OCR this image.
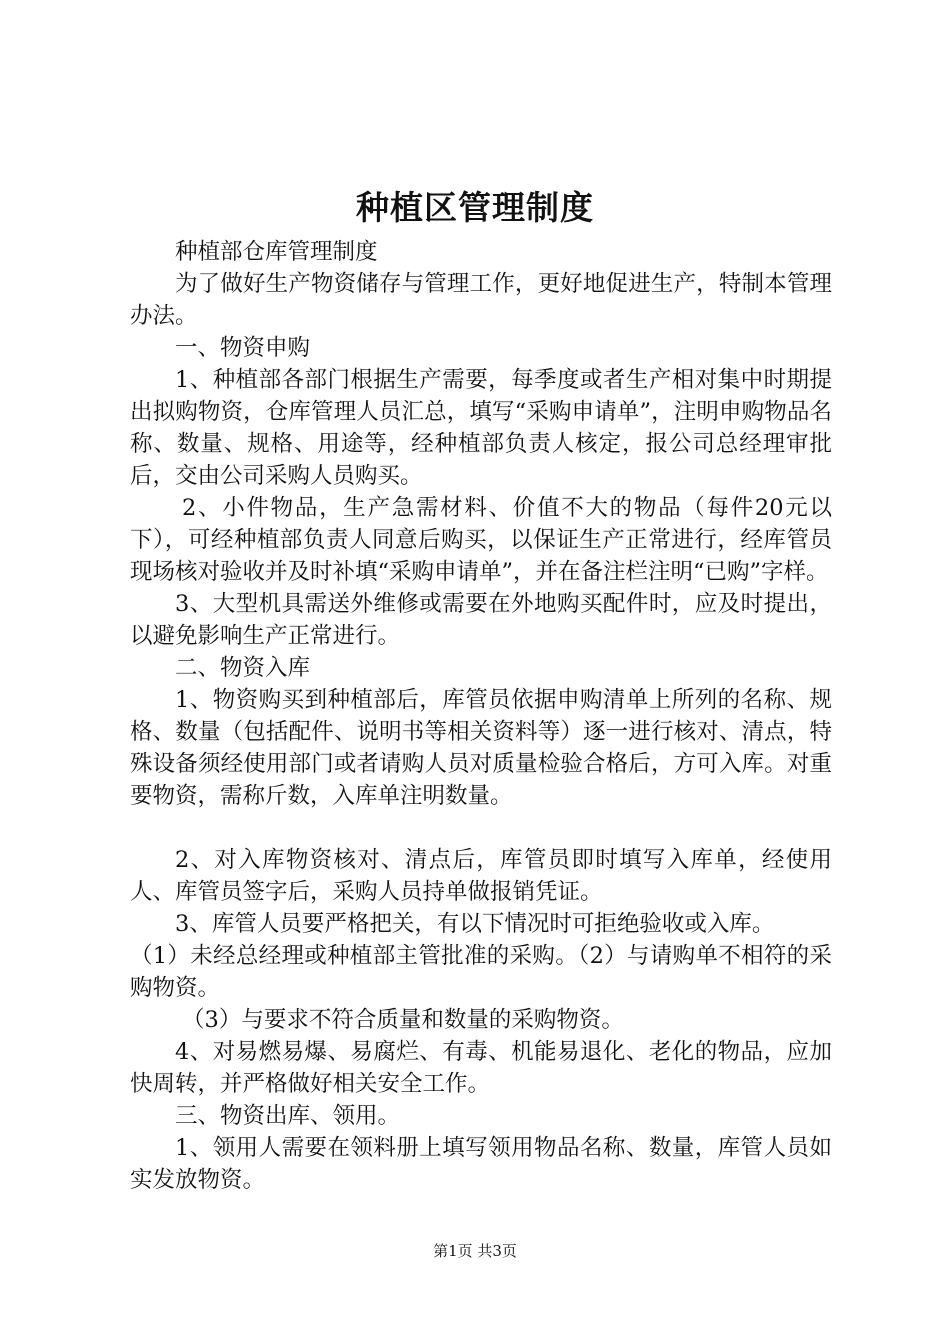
种植区管理制度

种植部仓库管理制度

为了做好生产物资储存与管理工作，更好地促进生产，特制本管理办法。

一、物资申购

1、种植部各部门根据生产需要，每季度或者生产相对集中时期提出拟购物资，仓库管理人员汇总，填写“采购申请单”，注明申购物品名称、数量、规格、用途等，经种植部负责人核定，报公司总经理审批后，交由公司采购人员购买。

2、小件物品，生产急需材料、价值不大的物品（每件20元以下），可经种植部负责人同意后购买，以保证生产正常进行，经库管员现场核对验收并及时补填“采购申请单”，并在备注栏注明“已购”字样。

3、大型机具需送外维修或需要在外地购买配件时，应及时提出，以避免影响生产正常进行。

二、物资入库

1、物资购买到种植部后，库管员依据申购清单上所列的名称、规格、数量（包括配件、说明书等相关资料等）逐一进行核对、清点，特殊设备须经使用部门或者请购人员对质量检验合格后，方可入库。对重要物资，需称斤数，入库单注明数量。

2、对入库物资核对、清点后，库管员即时填写入库单，经使用人、库管员签字后，采购人员持单做报销凭证。

3、库管人员要严格把关，有以下情况时可拒绝验收或入库。

（1）未经总经理或种植部主管批准的采购。（2）与请购单不相符的采购物资。

（3）与要求不符合质量和数量的采购物资。

4、对易燃易爆、易腐烂、有毒、机能易退化、老化的物品，应加快周转，并严格做好相关安全工作。

三、物资出库、领用。

1、领用人需要在领料册上填写领用物品名称、数量，库管人员如实发放物资。

第1页 共3页
